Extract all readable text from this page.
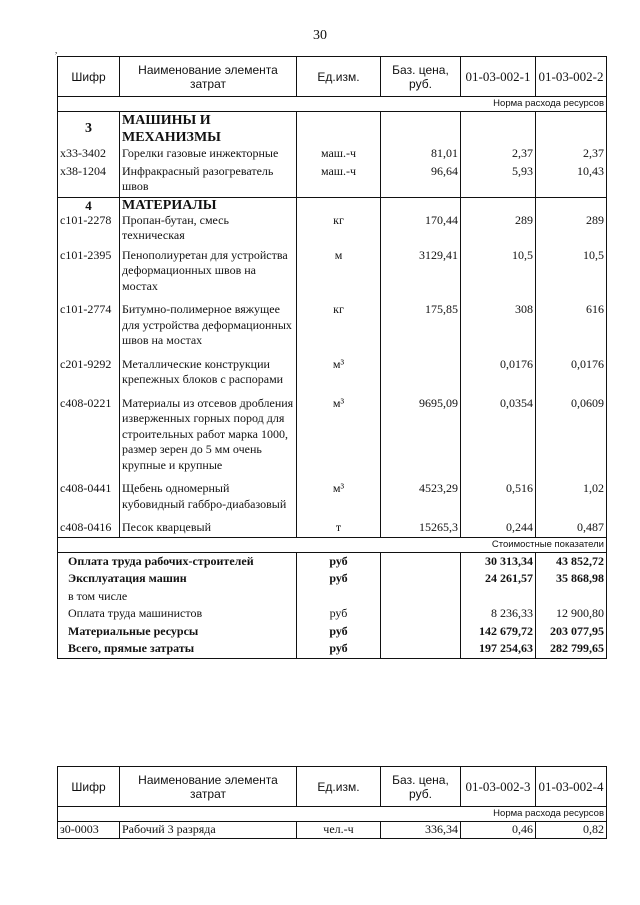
30
,
Шифр	Наименование элемента затрат	Ед.изм.	Баз. цена, руб.	01-03-002-1	01-03-002-2
Норма расхода ресурсов					
3	МАШИНЫ И МЕХАНИЗМЫ				
х33-3402	Горелки газовые инжекторные	маш.-ч	81,01	2,37	2,37
х38-1204	Инфракрасный разогреватель швов	маш.-ч	96,64	5,93	10,43
4	МАТЕРИАЛЫ				
с101-2278	Пропан-бутан, смесь техническая	кг	170,44	289	289
с101-2395	Пенополиуретан для устройства деформационных швов на мостах	м	3129,41	10,5	10,5
с101-2774	Битумно-полимерное вяжущее для устройства деформационных швов на мостах	кг	175,85	308	616
с201-9292	Металлические конструкции крепежных блоков с распорами	м³		0,0176	0,0176
с408-0221	Материалы из отсевов дробления изверженных горных пород для строительных работ марка 1000, размер зерен до 5 мм очень крупные и крупные	м³	9695,09	0,0354	0,0609
с408-0441	Щебень одномерный кубовидный габбро-диабазовый	м³	4523,29	0,516	1,02
с408-0416	Песок кварцевый	т	15265,3	0,244	0,487
Стоимостные показатели					
Оплата труда рабочих-строителей		руб		30 313,34	43 852,72
Эксплуатация машин		руб		24 261,57	35 868,98
в том числе					
Оплата труда машинистов		руб		8 236,33	12 900,80
Материальные ресурсы		руб		142 679,72	203 077,95
Всего, прямые затраты		руб		197 254,63	282 799,65
Шифр	Наименование элемента затрат	Ед.изм.	Баз. цена, руб.	01-03-002-3	01-03-002-4
Норма расхода ресурсов					
з0-0003	Рабочий 3 разряда	чел.-ч	336,34	0,46	0,82
